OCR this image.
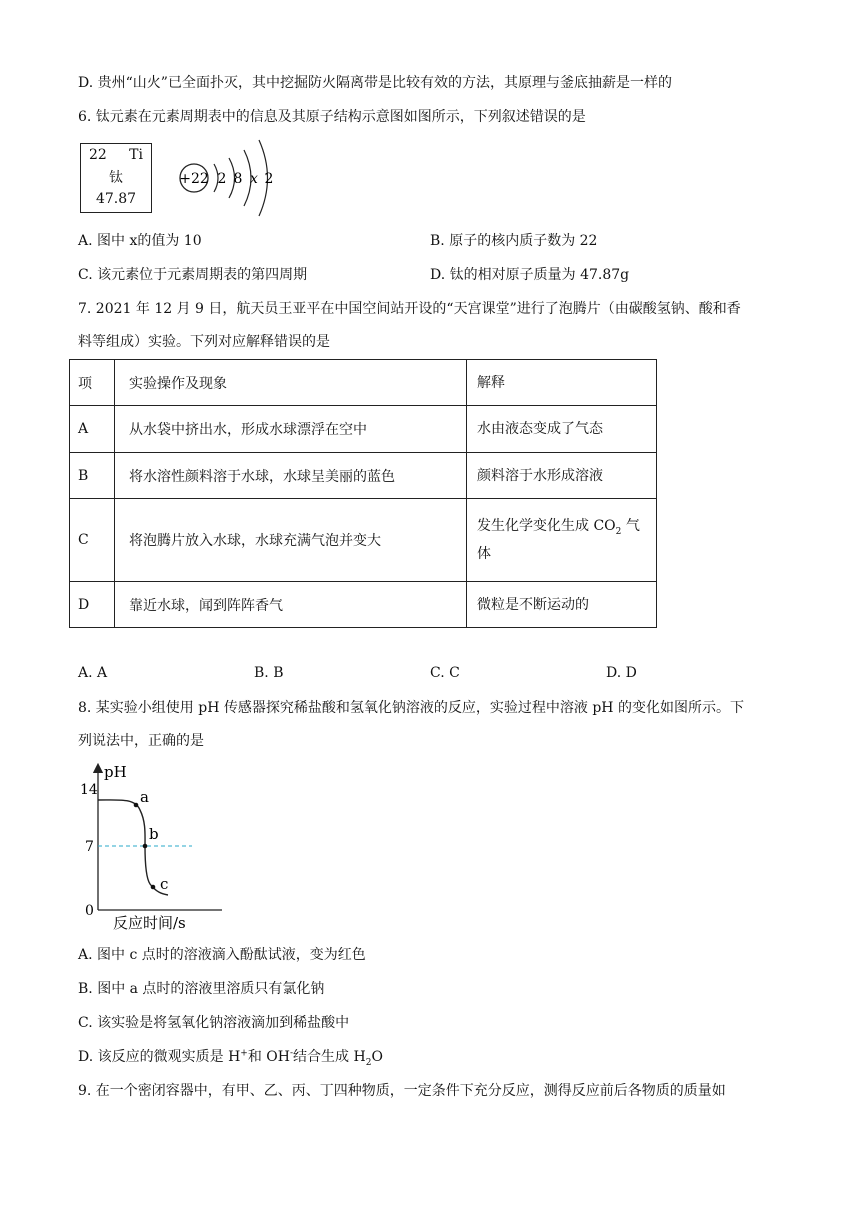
D. 贵州“山火”已全面扑灭，其中挖掘防火隔离带是比较有效的方法，其原理与釜底抽薪是一样的
6. 钛元素在元素周期表中的信息及其原子结构示意图如图所示，下列叙述错误的是
22 Ti
钛
47.87
+22 2 8 x 2
A. 图中 x的值为 10	B. 原子的核内质子数为 22
C. 该元素位于元素周期表的第四周期	D. 钛的相对原子质量为 47.87g
7. 2021 年 12 月 9 日，航天员王亚平在中国空间站开设的“天宫课堂”进行了泡腾片（由碳酸氢钠、酸和香
料等组成）实验。下列对应解释错误的是
项	实验操作及现象	解释
A	从水袋中挤出水，形成水球漂浮在空中	水由液态变成了气态
B	将水溶性颜料溶于水球，水球呈美丽的蓝色	颜料溶于水形成溶液
C	将泡腾片放入水球，水球充满气泡并变大	发生化学变化生成 $CO_2$ 气
体

D	靠近水球，闻到阵阵香气	微粒是不断运动的
A. A	B. B	C. C	D. D
8. 某实验小组使用 pH 传感器探究稀盐酸和氢氧化钠溶液的反应，实验过程中溶液 pH 的变化如图所示。下
列说法中，正确的是
pH
14
7
0
a
b
c
反应时间/s
A. 图中 c 点时的溶液滴入酚酞试液，变为红色
B. 图中 a 点时的溶液里溶质只有氯化钠
C. 该实验是将氢氧化钠溶液滴加到稀盐酸中
D. 该反应的微观实质是 H+和 OH-结合生成 $H_2O$
9. 在一个密闭容器中，有甲、乙、丙、丁四种物质，一定条件下充分反应，测得反应前后各物质的质量如
